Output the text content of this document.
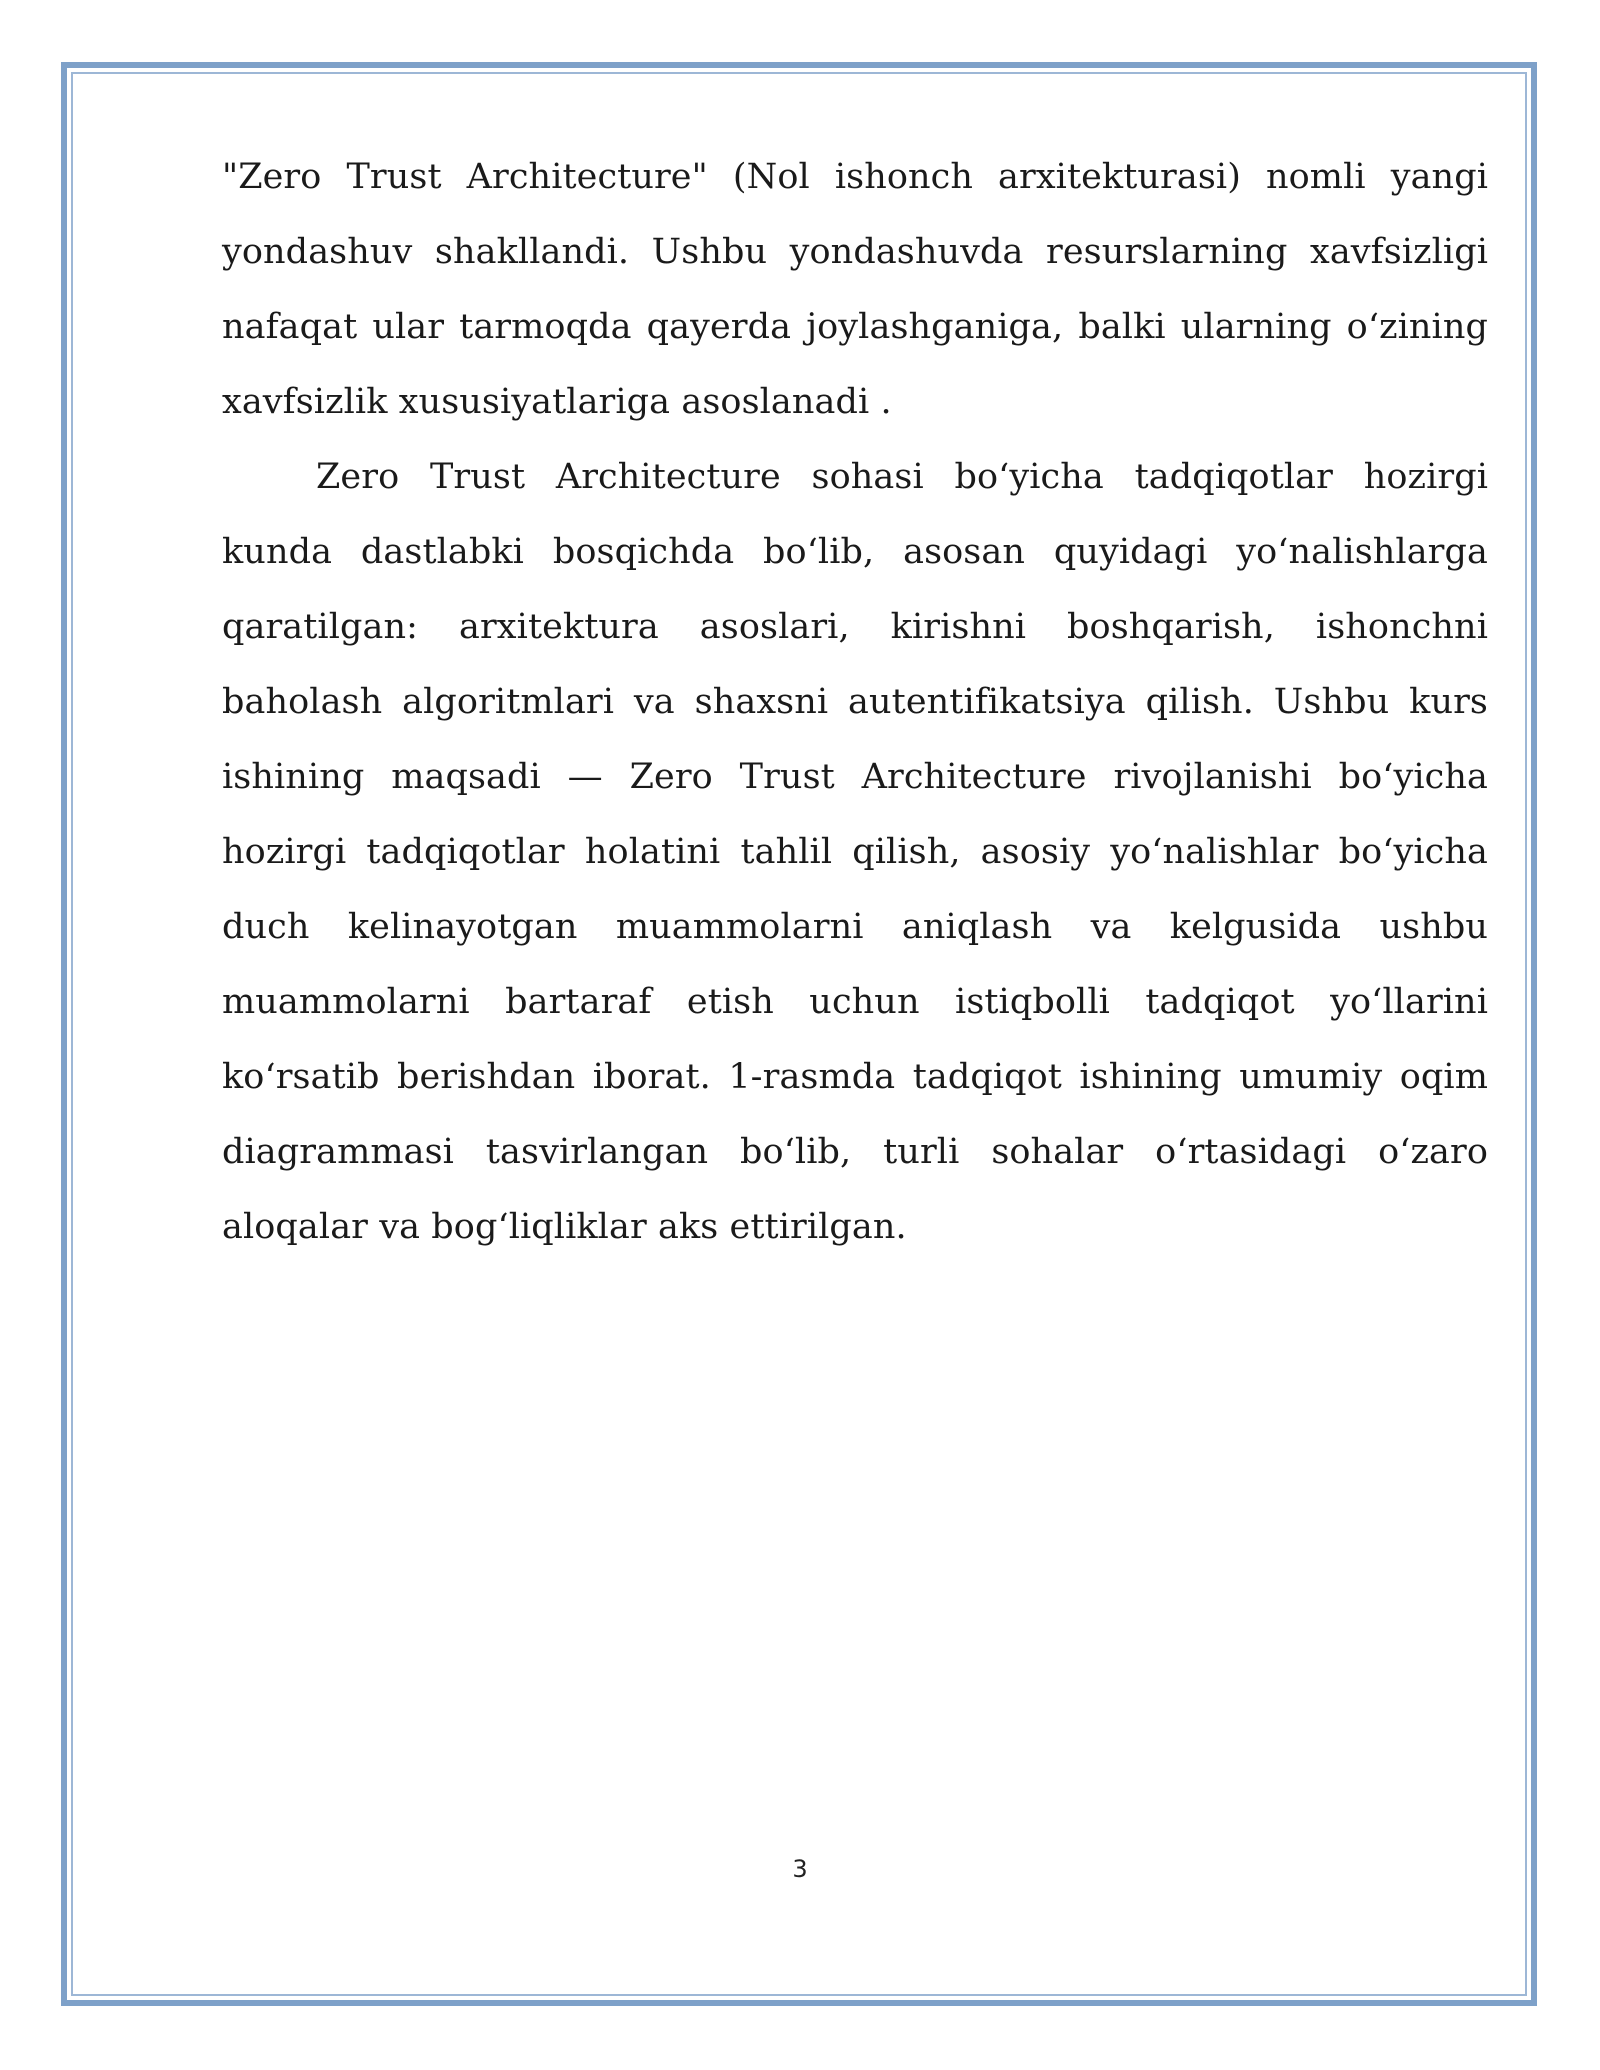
"Zero Trust Architecture" (Nol ishonch arxitekturasi) nomli yangi yondashuv shakllandi. Ushbu yondashuvda resurslarning xavfsizligi nafaqat ular tarmoqda qayerda joylashganiga, balki ularning o‘zining xavfsizlik xususiyatlariga asoslanadi .

Zero Trust Architecture sohasi bo‘yicha tadqiqotlar hozirgi kunda dastlabki bosqichda bo‘lib, asosan quyidagi yo‘nalishlarga qaratilgan: arxitektura asoslari, kirishni boshqarish, ishonchni baholash algoritmlari va shaxsni autentifikatsiya qilish. Ushbu kurs ishining maqsadi — Zero Trust Architecture rivojlanishi bo‘yicha hozirgi tadqiqotlar holatini tahlil qilish, asosiy yo‘nalishlar bo‘yicha duch kelinayotgan muammolarni aniqlash va kelgusida ushbu muammolarni bartaraf etish uchun istiqbolli tadqiqot yo‘llarini ko‘rsatib berishdan iborat. 1-rasmda tadqiqot ishining umumiy oqim diagrammasi tasvirlangan bo‘lib, turli sohalar o‘rtasidagi o‘zaro aloqalar va bog‘liqliklar aks ettirilgan.

3
